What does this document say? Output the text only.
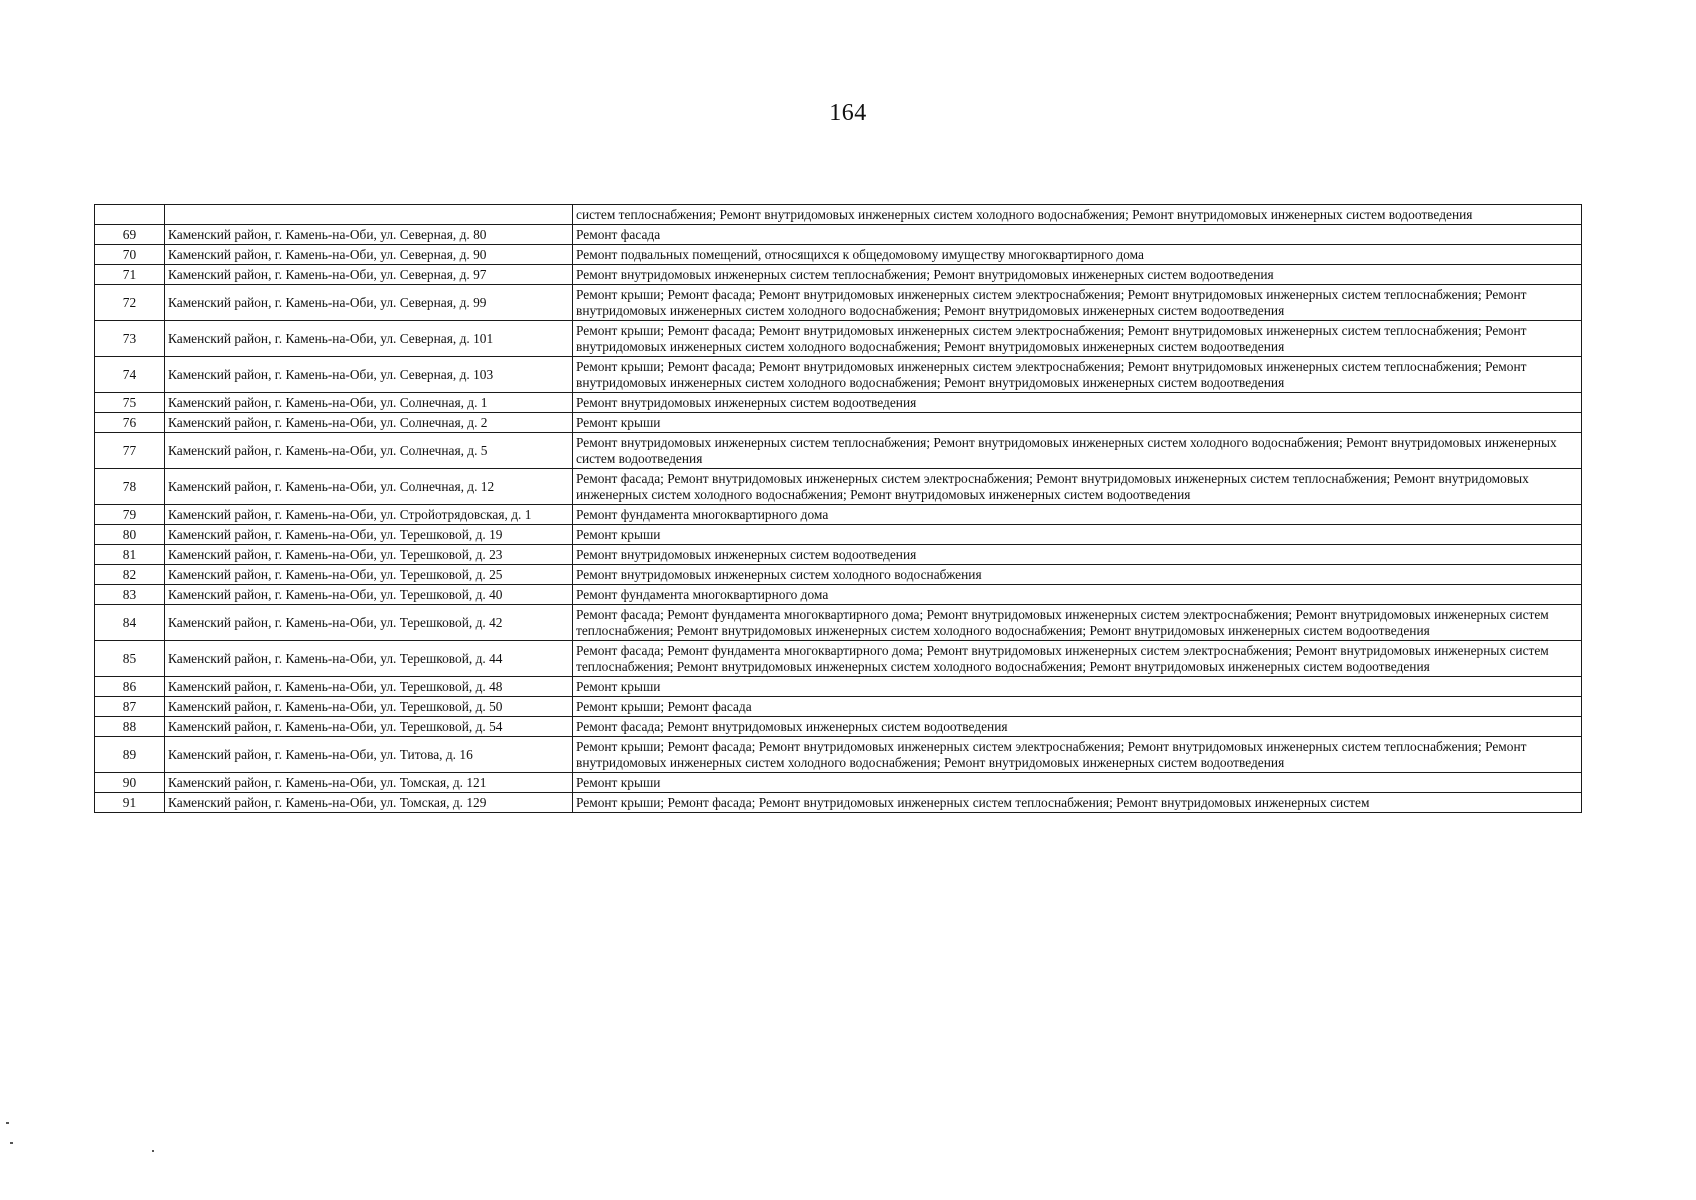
164
		систем теплоснабжения; Ремонт внутридомовых инженерных систем холодного водоснабжения; Ремонт внутридомовых инженерных систем водоотведения
69	Каменский район, г. Камень-на-Оби, ул. Северная, д. 80	Ремонт фасада
70	Каменский район, г. Камень-на-Оби, ул. Северная, д. 90	Ремонт подвальных помещений, относящихся к общедомовому имуществу многоквартирного дома
71	Каменский район, г. Камень-на-Оби, ул. Северная, д. 97	Ремонт внутридомовых инженерных систем теплоснабжения; Ремонт внутридомовых инженерных систем водоотведения
72	Каменский район, г. Камень-на-Оби, ул. Северная, д. 99	Ремонт крыши; Ремонт фасада; Ремонт внутридомовых инженерных систем электроснабжения; Ремонт внутридомовых инженерных систем теплоснабжения; Ремонт внутридомовых инженерных систем холодного водоснабжения; Ремонт внутридомовых инженерных систем водоотведения
73	Каменский район, г. Камень-на-Оби, ул. Северная, д. 101	Ремонт крыши; Ремонт фасада; Ремонт внутридомовых инженерных систем электроснабжения; Ремонт внутридомовых инженерных систем теплоснабжения; Ремонт внутридомовых инженерных систем холодного водоснабжения; Ремонт внутридомовых инженерных систем водоотведения
74	Каменский район, г. Камень-на-Оби, ул. Северная, д. 103	Ремонт крыши; Ремонт фасада; Ремонт внутридомовых инженерных систем электроснабжения; Ремонт внутридомовых инженерных систем теплоснабжения; Ремонт внутридомовых инженерных систем холодного водоснабжения; Ремонт внутридомовых инженерных систем водоотведения
75	Каменский район, г. Камень-на-Оби, ул. Солнечная, д. 1	Ремонт внутридомовых инженерных систем водоотведения
76	Каменский район, г. Камень-на-Оби, ул. Солнечная, д. 2	Ремонт крыши
77	Каменский район, г. Камень-на-Оби, ул. Солнечная, д. 5	Ремонт внутридомовых инженерных систем теплоснабжения; Ремонт внутридомовых инженерных систем холодного водоснабжения; Ремонт внутридомовых инженерных систем водоотведения
78	Каменский район, г. Камень-на-Оби, ул. Солнечная, д. 12	Ремонт фасада; Ремонт внутридомовых инженерных систем электроснабжения; Ремонт внутридомовых инженерных систем теплоснабжения; Ремонт внутридомовых инженерных систем холодного водоснабжения; Ремонт внутридомовых инженерных систем водоотведения
79	Каменский район, г. Камень-на-Оби, ул. Стройотрядовская, д. 1	Ремонт фундамента многоквартирного дома
80	Каменский район, г. Камень-на-Оби, ул. Терешковой, д. 19	Ремонт крыши
81	Каменский район, г. Камень-на-Оби, ул. Терешковой, д. 23	Ремонт внутридомовых инженерных систем водоотведения
82	Каменский район, г. Камень-на-Оби, ул. Терешковой, д. 25	Ремонт внутридомовых инженерных систем холодного водоснабжения
83	Каменский район, г. Камень-на-Оби, ул. Терешковой, д. 40	Ремонт фундамента многоквартирного дома
84	Каменский район, г. Камень-на-Оби, ул. Терешковой, д. 42	Ремонт фасада; Ремонт фундамента многоквартирного дома; Ремонт внутридомовых инженерных систем электроснабжения; Ремонт внутридомовых инженерных систем теплоснабжения; Ремонт внутридомовых инженерных систем холодного водоснабжения; Ремонт внутридомовых инженерных систем водоотведения
85	Каменский район, г. Камень-на-Оби, ул. Терешковой, д. 44	Ремонт фасада; Ремонт фундамента многоквартирного дома; Ремонт внутридомовых инженерных систем электроснабжения; Ремонт внутридомовых инженерных систем теплоснабжения; Ремонт внутридомовых инженерных систем холодного водоснабжения; Ремонт внутридомовых инженерных систем водоотведения
86	Каменский район, г. Камень-на-Оби, ул. Терешковой, д. 48	Ремонт крыши
87	Каменский район, г. Камень-на-Оби, ул. Терешковой, д. 50	Ремонт крыши; Ремонт фасада
88	Каменский район, г. Камень-на-Оби, ул. Терешковой, д. 54	Ремонт фасада; Ремонт внутридомовых инженерных систем водоотведения
89	Каменский район, г. Камень-на-Оби, ул. Титова, д. 16	Ремонт крыши; Ремонт фасада; Ремонт внутридомовых инженерных систем электроснабжения; Ремонт внутридомовых инженерных систем теплоснабжения; Ремонт внутридомовых инженерных систем холодного водоснабжения; Ремонт внутридомовых инженерных систем водоотведения
90	Каменский район, г. Камень-на-Оби, ул. Томская, д. 121	Ремонт крыши
91	Каменский район, г. Камень-на-Оби, ул. Томская, д. 129	Ремонт крыши; Ремонт фасада; Ремонт внутридомовых инженерных систем теплоснабжения; Ремонт внутридомовых инженерных систем
